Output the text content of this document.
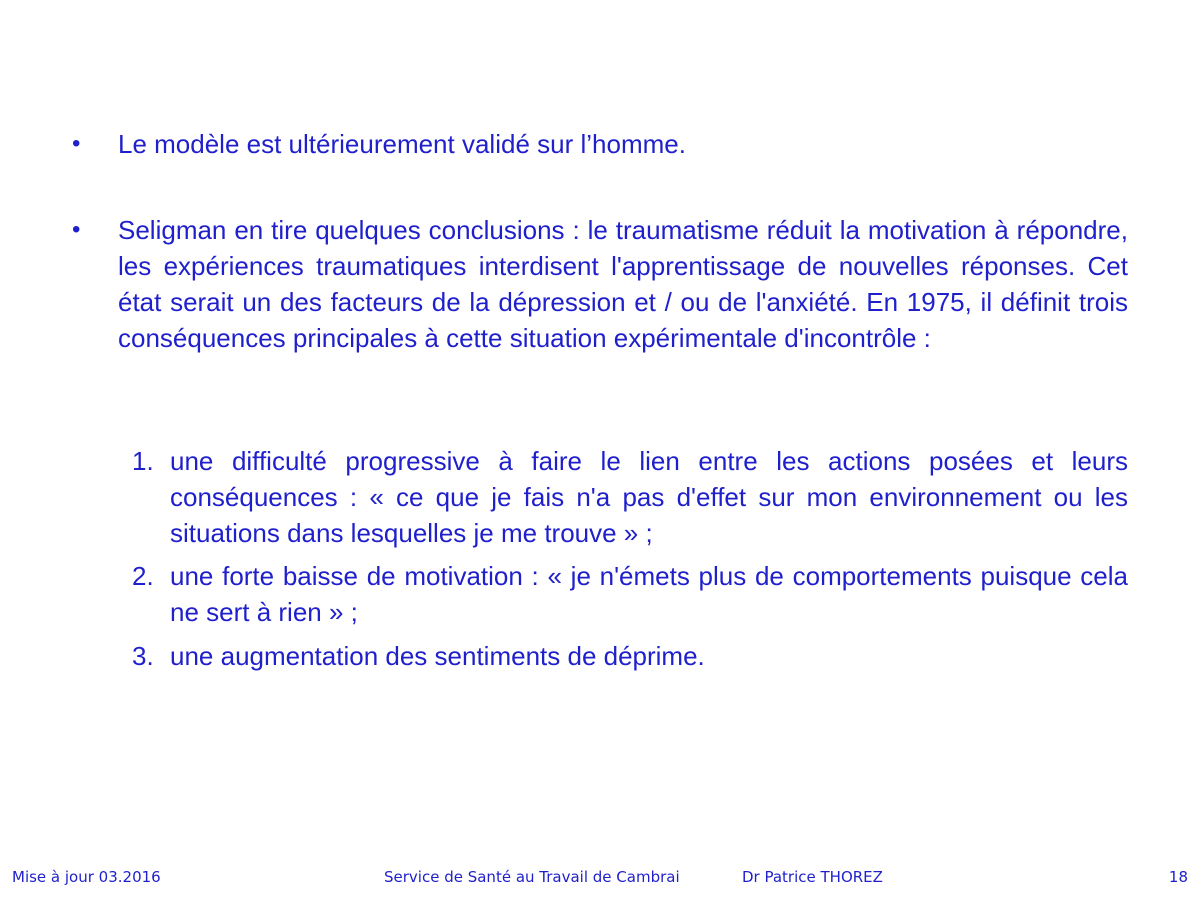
•	Le modèle est ultérieurement validé sur l’homme.
•	Seligman en tire quelques conclusions : le traumatisme réduit la motivation à répondre, les expériences traumatiques interdisent l'apprentissage de nouvelles réponses. Cet état serait un des facteurs de la dépression et / ou de l'anxiété. En 1975, il définit trois conséquences principales à cette situation expérimentale d'incontrôle :
1. une difficulté progressive à faire le lien entre les actions posées et leurs conséquences : « ce que je fais n'a pas d'effet sur mon environnement ou les situations dans lesquelles je me trouve » ;
2. une forte baisse de motivation : « je n'émets plus de comportements puisque cela ne sert à rien » ;
3. une augmentation des sentiments de déprime.
Mise à jour 03.2016	Service de Santé au Travail de Cambrai	Dr Patrice THOREZ	18
